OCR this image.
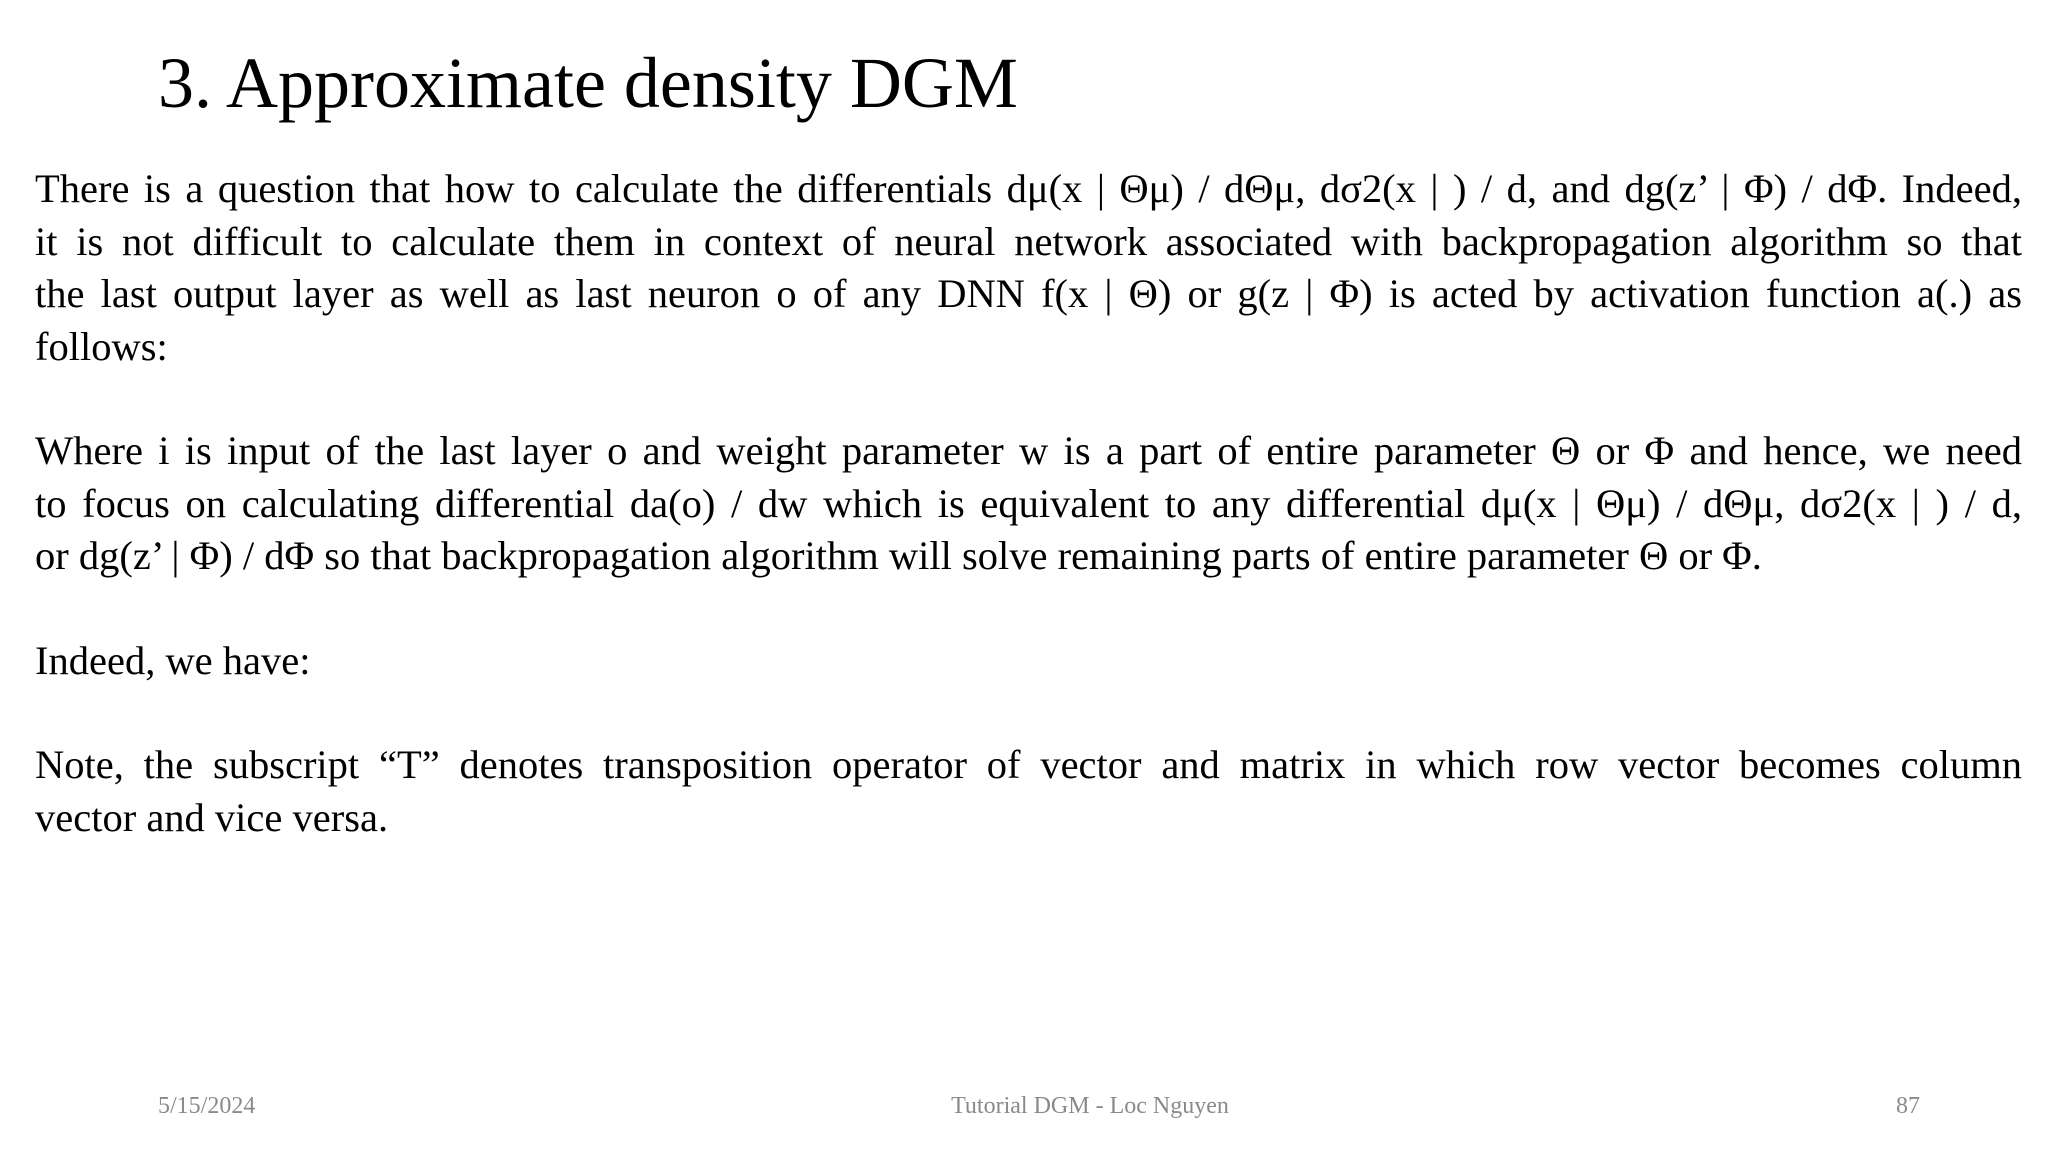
3. Approximate density DGM
There is a question that how to calculate the differentials dμ(x | Θμ) / dΘμ, dσ2(x | ) / d, and dg(z’ | Φ) / dΦ. Indeed,
it is not difficult to calculate them in context of neural network associated with backpropagation algorithm so that
the last output layer as well as last neuron o of any DNN f(x | Θ) or g(z | Φ) is acted by activation function a(.) as
follows:
Where i is input of the last layer o and weight parameter w is a part of entire parameter Θ or Φ and hence, we need
to focus on calculating differential da(o) / dw which is equivalent to any differential dμ(x | Θμ) / dΘμ, dσ2(x | ) / d,
or dg(z’ | Φ) / dΦ so that backpropagation algorithm will solve remaining parts of entire parameter Θ or Φ.
Indeed, we have:
Note, the subscript “T” denotes transposition operator of vector and matrix in which row vector becomes column
vector and vice versa.
5/15/2024	Tutorial DGM - Loc Nguyen	87
